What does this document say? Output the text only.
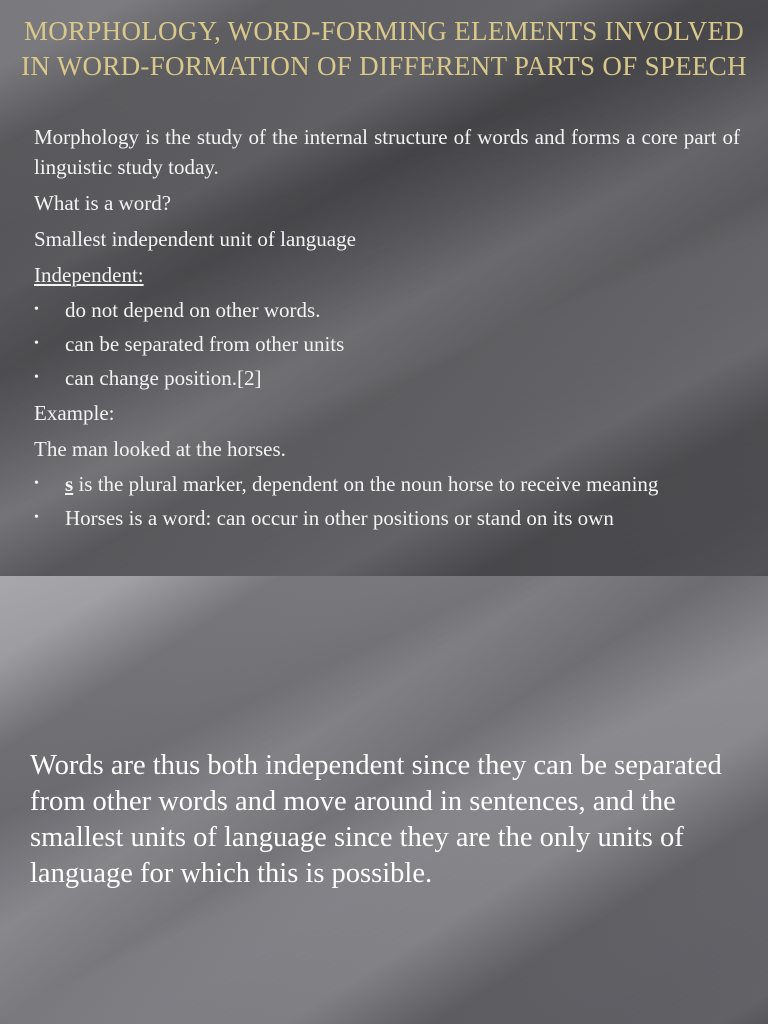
MORPHOLOGY, WORD-FORMING ELEMENTS INVOLVED IN WORD-FORMATION OF DIFFERENT PARTS OF SPEECH

Morphology is the study of the internal structure of words and forms a core part of linguistic study today.

What is a word?

Smallest independent unit of language

Independent:

• do not depend on other words.
• can be separated from other units
• can change position.[2]

Example:

The man looked at the horses.

• s is the plural marker, dependent on the noun horse to receive meaning
• Horses is a word: can occur in other positions or stand on its own

Words are thus both independent since they can be separated from other words and move around in sentences, and the smallest units of language since they are the only units of language for which this is possible.
